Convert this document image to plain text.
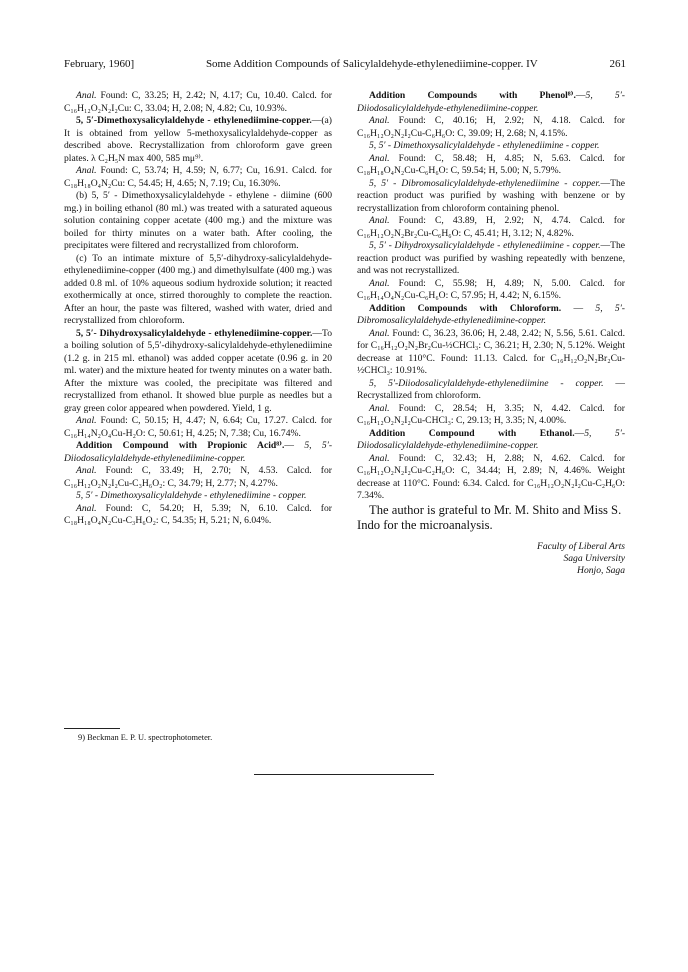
February, 1960]	Some Addition Compounds of Salicylaldehyde-ethylenediimine-copper. IV	261

Anal. Found: C, 33.25; H, 2.42; N, 4.17; Cu, 10.40. Calcd. for C₁₆H₁₂O₂N₂I₂Cu: C, 33.04; H, 2.08; N, 4.82; Cu, 10.93%.

5, 5′-Dimethoxysalicylaldehyde - ethylenediimine-copper.—(a) It is obtained from yellow 5-methoxysalicylaldehyde-copper as described above. Recrystallization from chloroform gave green plates. λ C₂H₅N max 400, 585 mμ⁹⁾.

Anal. Found: C, 53.74; H, 4.59; N, 6.77; Cu, 16.91. Calcd. for C₁₈H₁₈O₄N₂Cu: C, 54.45; H, 4.65; N, 7.19; Cu, 16.30%.

(b) 5, 5′ - Dimethoxysalicylaldehyde - ethylene - diimine (600 mg.) in boiling ethanol (80 ml.) was treated with a saturated aqueous solution containing copper acetate (400 mg.) and the mixture was boiled for thirty minutes on a water bath. After cooling, the precipitates were filtered and recrystallized from chloroform.

(c) To an intimate mixture of 5,5′-dihydroxy-salicylaldehyde-ethylenediimine-copper (400 mg.) and dimethylsulfate (400 mg.) was added 0.8 ml. of 10% aqueous sodium hydroxide solution; it reacted exothermically at once, stirred thoroughly to complete the reaction. After an hour, the paste was filtered, washed with water, dried and recrystallized from chloroform.

5, 5′- Dihydroxysalicylaldehyde - ethylenediimine-copper.—To a boiling solution of 5,5′-dihydroxy-salicylaldehyde-ethylenediimine (1.2 g. in 215 ml. ethanol) was added copper acetate (0.96 g. in 20 ml. water) and the mixture heated for twenty minutes on a water bath. After the mixture was cooled, the precipitate was filtered and recrystallized from ethanol. It showed blue purple as needles but a gray green color appeared when powdered. Yield, 1 g.

Anal. Found: C, 50.15; H, 4.47; N, 6.64; Cu, 17.27. Calcd. for C₁₆H₁₄N₂O₄Cu-H₂O: C, 50.61; H, 4.25; N, 7.38; Cu, 16.74%.

Addition Compound with Propionic Acid⁸⁾.— 5, 5′-Diiodosalicylaldehyde-ethylenediimine-copper.

Anal. Found: C, 33.49; H, 2.70; N, 4.53. Calcd. for C₁₆H₁₂O₂N₂I₂Cu-C₃H₆O₂: C, 34.79; H, 2.77; N, 4.27%.

5, 5′ - Dimethoxysalicylaldehyde - ethylenediimine - copper.

Anal. Found: C, 54.20; H, 5.39; N, 6.10. Calcd. for C₁₈H₁₈O₄N₂Cu-C₃H₆O₂: C, 54.35; H, 5.21; N, 6.04%.

Addition Compounds with Phenol⁸⁾.—5, 5′-Diiodosalicylaldehyde-ethylenediimine-copper.

Anal. Found: C, 40.16; H, 2.92; N, 4.18. Calcd. for C₁₆H₁₂O₂N₂I₂Cu-C₆H₆O: C, 39.09; H, 2.68; N, 4.15%.

5, 5′ - Dimethoxysalicylaldehyde - ethylenediimine - copper.

Anal. Found: C, 58.48; H, 4.85; N, 5.63. Calcd. for C₁₈H₁₈O₄N₂Cu-C₆H₆O: C, 59.54; H, 5.00; N, 5.79%.

5, 5′ - Dibromosalicylaldehyde-ethylenediimine - copper.—The reaction product was purified by washing with benzene or by recrystallization from chloroform containing phenol.

Anal. Found: C, 43.89, H, 2.92; N, 4.74. Calcd. for C₁₆H₁₂O₂N₂Br₂Cu-C₆H₆O: C, 45.41; H, 3.12; N, 4.82%.

5, 5′ - Dihydroxysalicylaldehyde - ethylenediimine - copper.—The reaction product was purified by washing repeatedly with benzene, and was not recrystallized.

Anal. Found: C, 55.98; H, 4.89; N, 5.00. Calcd. for C₁₆H₁₄O₄N₂Cu-C₆H₆O: C, 57.95; H, 4.42; N, 6.15%.

Addition Compounds with Chloroform. — 5, 5′-Dibromosalicylaldehyde-ethylenediimine-copper.

Anal. Found: C, 36.23, 36.06; H, 2.48, 2.42; N, 5.56, 5.61. Calcd. for C₁₆H₁₂O₂N₂Br₂Cu-½CHCl₃: C, 36.21; H, 2.30; N, 5.12%. Weight decrease at 110°C. Found: 11.13. Calcd. for C₁₆H₁₂O₂N₂Br₂Cu-½CHCl₃: 10.91%.

5, 5′-Diiodosalicylaldehyde-ethylenediimine - copper. —Recrystallized from chloroform.

Anal. Found: C, 28.54; H, 3.35; N, 4.42. Calcd. for C₁₆H₁₂O₂N₂I₂Cu-CHCl₃: C, 29.13; H, 3.35; N, 4.00%.

Addition Compound with Ethanol.—5, 5′-Diiodosalicylaldehyde-ethylenediimine-copper.

Anal. Found: C, 32.43; H, 2.88; N, 4.62. Calcd. for C₁₆H₁₂O₂N₂I₂Cu-C₂H₆O: C, 34.44; H, 2.89; N, 4.46%. Weight decrease at 110°C. Found: 6.34. Calcd. for C₁₆H₁₂O₂N₂I₂Cu-C₂H₆O: 7.34%.

The author is grateful to Mr. M. Shito and Miss S. Indo for the microanalysis.

Faculty of Liberal Arts
Saga University
Honjo, Saga
9) Beckman E. P. U. spectrophotometer.
